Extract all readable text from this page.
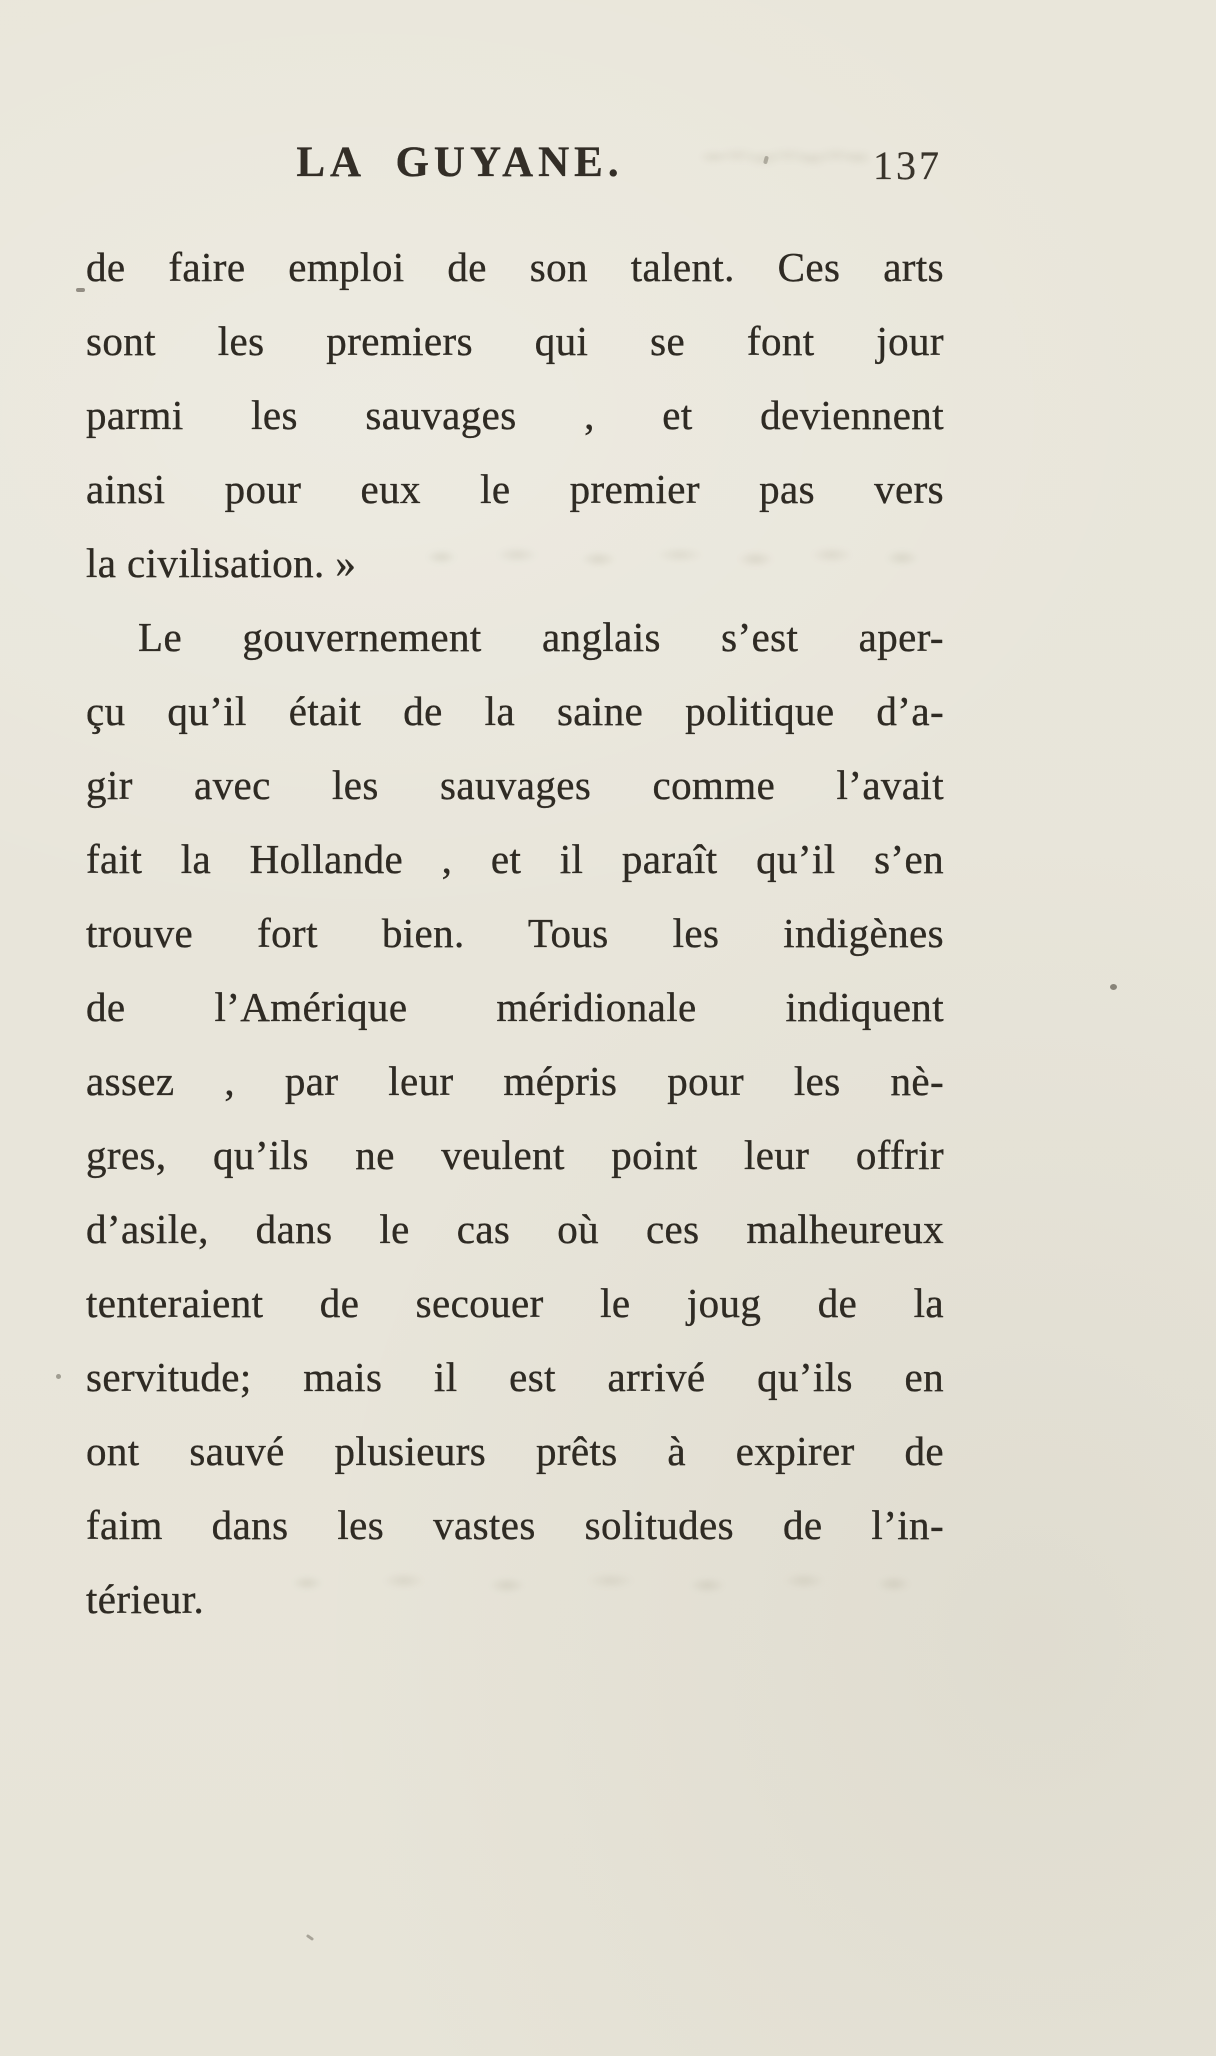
LA GUYANE.	137
de faire emploi de son talent. Ces arts
sont les premiers qui se font jour
parmi les sauvages , et deviennent
ainsi pour eux le premier pas vers
la civilisation. »
Le gouvernement anglais s’est aper-
çu qu’il était de la saine politique d’a-
gir avec les sauvages comme l’avait
fait la Hollande , et il paraît qu’il s’en
trouve fort bien. Tous les indigènes
de l’Amérique méridionale indiquent
assez , par leur mépris pour les nè-
gres, qu’ils ne veulent point leur offrir
d’asile, dans le cas où ces malheureux
tenteraient de secouer le joug de la
servitude; mais il est arrivé qu’ils en
ont sauvé plusieurs prêts à expirer de
faim dans les vastes solitudes de l’in-
térieur.
